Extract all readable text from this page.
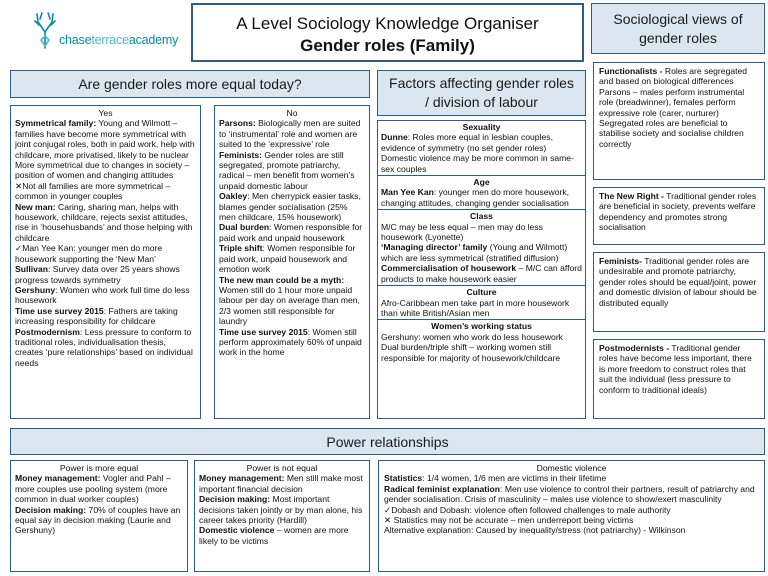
chaseterraceacademy
A Level Sociology Knowledge Organiser
Gender roles (Family)
Sociological views of gender roles
Are gender roles more equal today?	Factors affecting gender roles / division of labour
Yes

Symmetrical family: Young and Wilmott – families have become more symmetrical with joint conjugal roles, both in paid work, help with childcare, more privatised, likely to be nuclear

More symmetrical due to changes in society – position of women and changing attitudes

✕Not all families are more symmetrical – common in younger couples

New man: Caring, sharing man, helps with housework, childcare, rejects sexist attitudes, rise in ‘househusbands’ and those helping with childcare

✓Man Yee Kan: younger men do more housework supporting the ‘New Man’

Sullivan: Survey data over 25 years shows progress towards symmetry

Gershuny: Women who work full time do less housework

Time use survey 2015: Fathers are taking increasing responsibility for childcare

Postmodernism: Less pressure to conform to traditional roles, individualisation thesis, creates ‘pure relationships’ based on individual needs

No

Parsons: Biologically men are suited to ‘instrumental’ role and women are suited to the ‘expressive’ role

Feminists: Gender roles are still segregated, promote patriarchy, radical – men benefit from women’s unpaid domestic labour

Oakley: Men cherrypick easier tasks, blames gender socialisation (25% men childcare, 15% housework)

Dual burden: Women responsible for paid work and unpaid housework

Triple shift: Women responsible for paid work, unpaid housework and emotion work

The new man could be a myth: Women still do 1 hour more unpaid labour per day on average than men, 2/3 women still responsible for laundry

Time use survey 2015: Women still perform approximately 60% of unpaid work in the home

Sexuality

Dunne: Roles more equal in lesbian couples, evidence of symmetry (no set gender roles)

Domestic violence may be more common in same-sex couples

Age

Man Yee Kan: younger men do more housework, changing attitudes, changing gender socialisation

Class

M/C may be less equal – men may do less housework (Lyonette)

‘Managing director’ family (Young and Wilmott) which are less symmetrical (stratified diffusion)

Commercialisation of housework – M/C can afford products to make housework easier

Culture

Afro-Caribbean men take part in more housework than white British/Asian men

Women’s working status

Gershuny: women who work do less housework

Dual burden/triple shift – working women still responsible for majority of housework/childcare

Functionalists - Roles are segregated and based on biological differences

Parsons – males perform instrumental role (breadwinner), females perform expressive role (carer, nurturer)

Segregated roles are beneficial to stabilise society and socialise children correctly

The New Right - Traditional gender roles are beneficial in society, prevents welfare dependency and promotes strong socialisation

Feminists- Traditional gender roles are undesirable and promote patriarchy, gender roles should be equal/joint, power and domestic division of labour should be distributed equally

Postmodernists - Traditional gender roles have become less important, there is more freedom to construct roles that suit the individual (less pressure to conform to traditional ideals)

Power relationships
Power is more equal

Money management: Vogler and Pahl – more couples use pooling system (more common in dual worker couples)

Decision making: 70% of couples have an equal say in decision making (Laurie and Gershuny)

Power is not equal

Money management: Men still make most important financial decision

Decision making: Most important decisions taken jointly or by man alone, his career takes priority (Hardill)

Domestic violence – women are more likely to be victims

Domestic violence

Statistics: 1/4 women, 1/6 men are victims in their lifetime

Radical feminist explanation: Men use violence to control their partners, result of patriarchy and gender socialisation. Crisis of masculinity – males use violence to show/exert masculinity

✓Dobash and Dobash: violence often followed challenges to male authority

✕ Statistics may not be accurate – men underreport being victims

Alternative explanation: Caused by inequality/stress (not patriarchy) - Wilkinson
